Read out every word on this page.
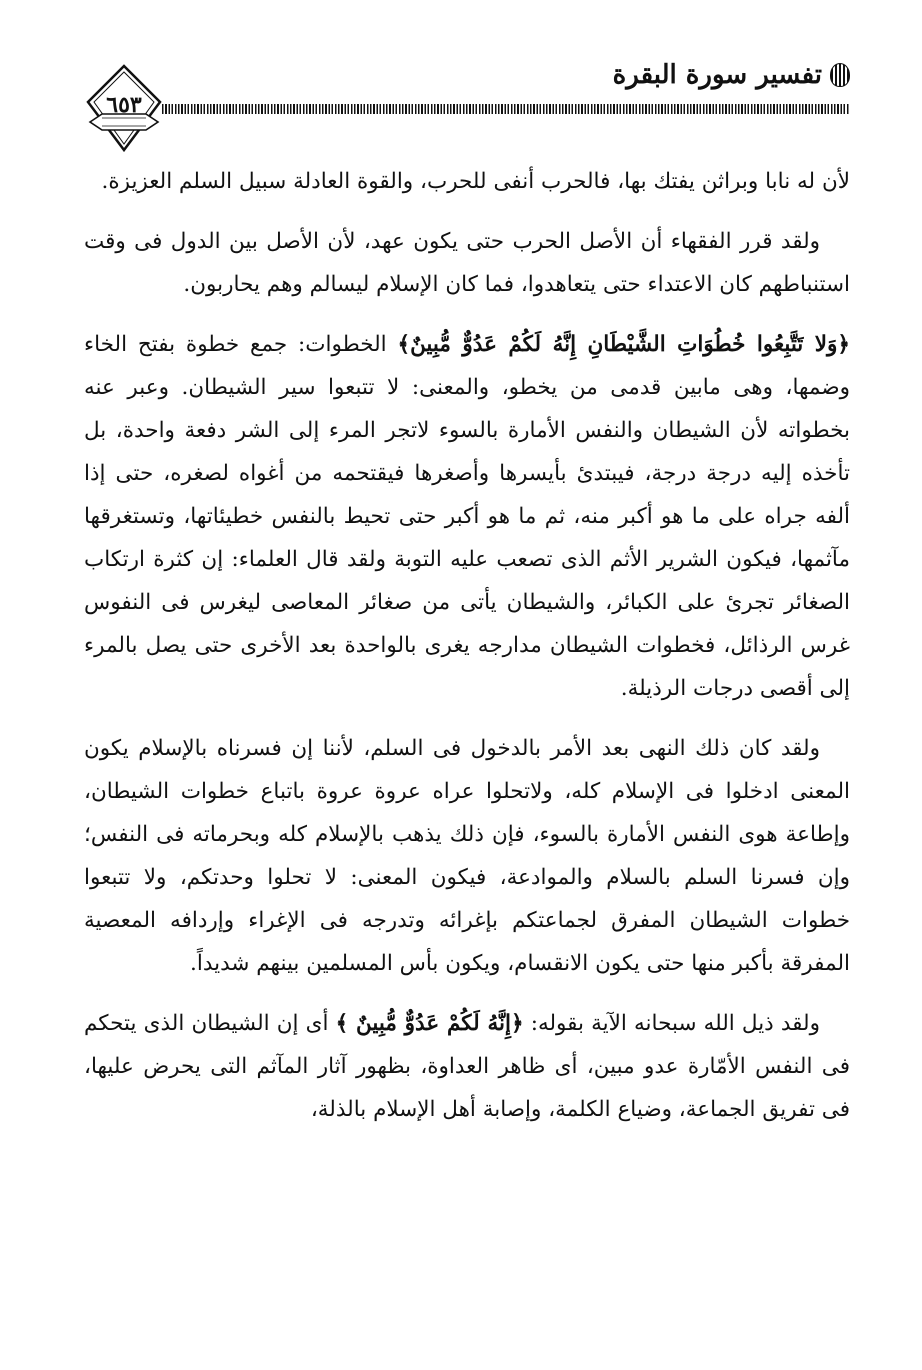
تفسير سورة البقرة
٦٥٣

لأن له نابا وبراثن يفتك بها، فالحرب أنفى للحرب، والقوة العادلة سبيل السلم العزيزة.

ولقد قرر الفقهاء أن الأصل الحرب حتى يكون عهد، لأن الأصل بين الدول فى وقت استنباطهم كان الاعتداء حتى يتعاهدوا، فما كان الإسلام ليسالم وهم يحاربون.

﴿وَلا تَتَّبِعُوا خُطُوَاتِ الشَّيْطَانِ إِنَّهُ لَكُمْ عَدُوٌّ مُّبِينٌ﴾ الخطوات: جمع خطوة بفتح الخاء وضمها، وهى مابين قدمى من يخطو، والمعنى: لا تتبعوا سير الشيطان. وعبر عنه بخطواته لأن الشيطان والنفس الأمارة بالسوء لاتجر المرء إلى الشر دفعة واحدة، بل تأخذه إليه درجة درجة، فيبتدئ بأيسرها وأصغرها فيقتحمه من أغواه لصغره، حتى إذا ألفه جراه على ما هو أكبر منه، ثم ما هو أكبر حتى تحيط بالنفس خطيئاتها، وتستغرقها مآثمها، فيكون الشرير الأثم الذى تصعب عليه التوبة ولقد قال العلماء: إن كثرة ارتكاب الصغائر تجرئ على الكبائر، والشيطان يأتى من صغائر المعاصى ليغرس فى النفوس غرس الرذائل، فخطوات الشيطان مدارجه يغرى بالواحدة بعد الأخرى حتى يصل بالمرء إلى أقصى درجات الرذيلة.

ولقد كان ذلك النهى بعد الأمر بالدخول فى السلم، لأننا إن فسرناه بالإسلام يكون المعنى ادخلوا فى الإسلام كله، ولاتحلوا عراه عروة عروة باتباع خطوات الشيطان، وإطاعة هوى النفس الأمارة بالسوء، فإن ذلك يذهب بالإسلام كله وبحرماته فى النفس؛ وإن فسرنا السلم بالسلام والموادعة، فيكون المعنى: لا تحلوا وحدتكم، ولا تتبعوا خطوات الشيطان المفرق لجماعتكم بإغرائه وتدرجه فى الإغراء وإردافه المعصية المفرقة بأكبر منها حتى يكون الانقسام، ويكون بأس المسلمين بينهم شديداً.

ولقد ذيل الله سبحانه الآية بقوله: ﴿إِنَّهُ لَكُمْ عَدُوٌّ مُّبِينٌ ﴾ أى إن الشيطان الذى يتحكم فى النفس الأمّارة عدو مبين، أى ظاهر العداوة، بظهور آثار المآثم التى يحرض عليها، فى تفريق الجماعة، وضياع الكلمة، وإصابة أهل الإسلام بالذلة،
